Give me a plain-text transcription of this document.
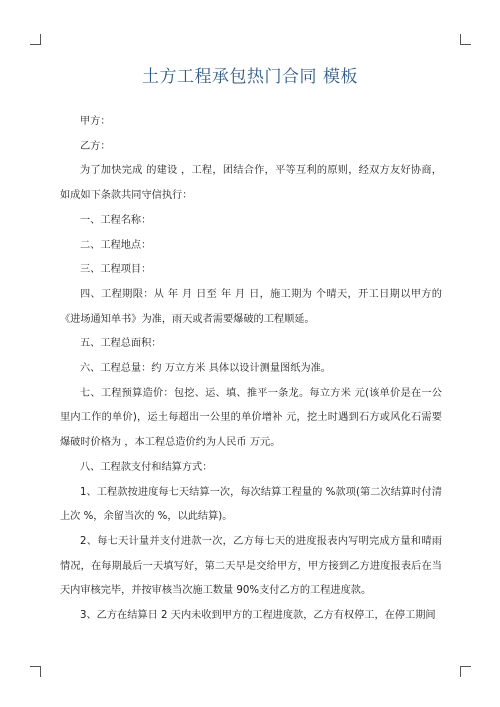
土方工程承包热门合同 模板

甲方：

乙方：

为了加快完成 的建设 ，工程，团结合作，平等互利的原则，经双方友好协商，如成如下条款共同守信执行：

一、工程名称：

二、工程地点：

三、工程项目：

四、工程期限：从 年 月 日至 年 月 日，施工期为 个晴天，开工日期以甲方的《进场通知单书》为准，雨天或者需要爆破的工程顺延。

五、工程总面积：

六、工程总量：约 万立方米 具体以设计测量图纸为准。

七、工程预算造价：包挖、运、填、推平一条龙。每立方米 元(该单价是在一公里内工作的单价)，运土每超出一公里的单价增补 元，挖土时遇到石方或风化石需要爆破时价格为 ，本工程总造价约为人民币 万元。

八、工程款支付和结算方式：

1、工程款按进度每七天结算一次，每次结算工程量的 %款项(第二次结算时付清上次 %，余留当次的 %，以此结算)。

2、每七天计量并支付进款一次，乙方每七天的进度报表内写明完成方量和晴雨情况，在每期最后一天填写好，第二天早是交给甲方，甲方接到乙方进度报表后在当天内审核完毕，并按审核当次施工数量 90%支付乙方的工程进度款。

3、乙方在结算日 2 天内未收到甲方的工程进度款，乙方有权停工，在停工期间
